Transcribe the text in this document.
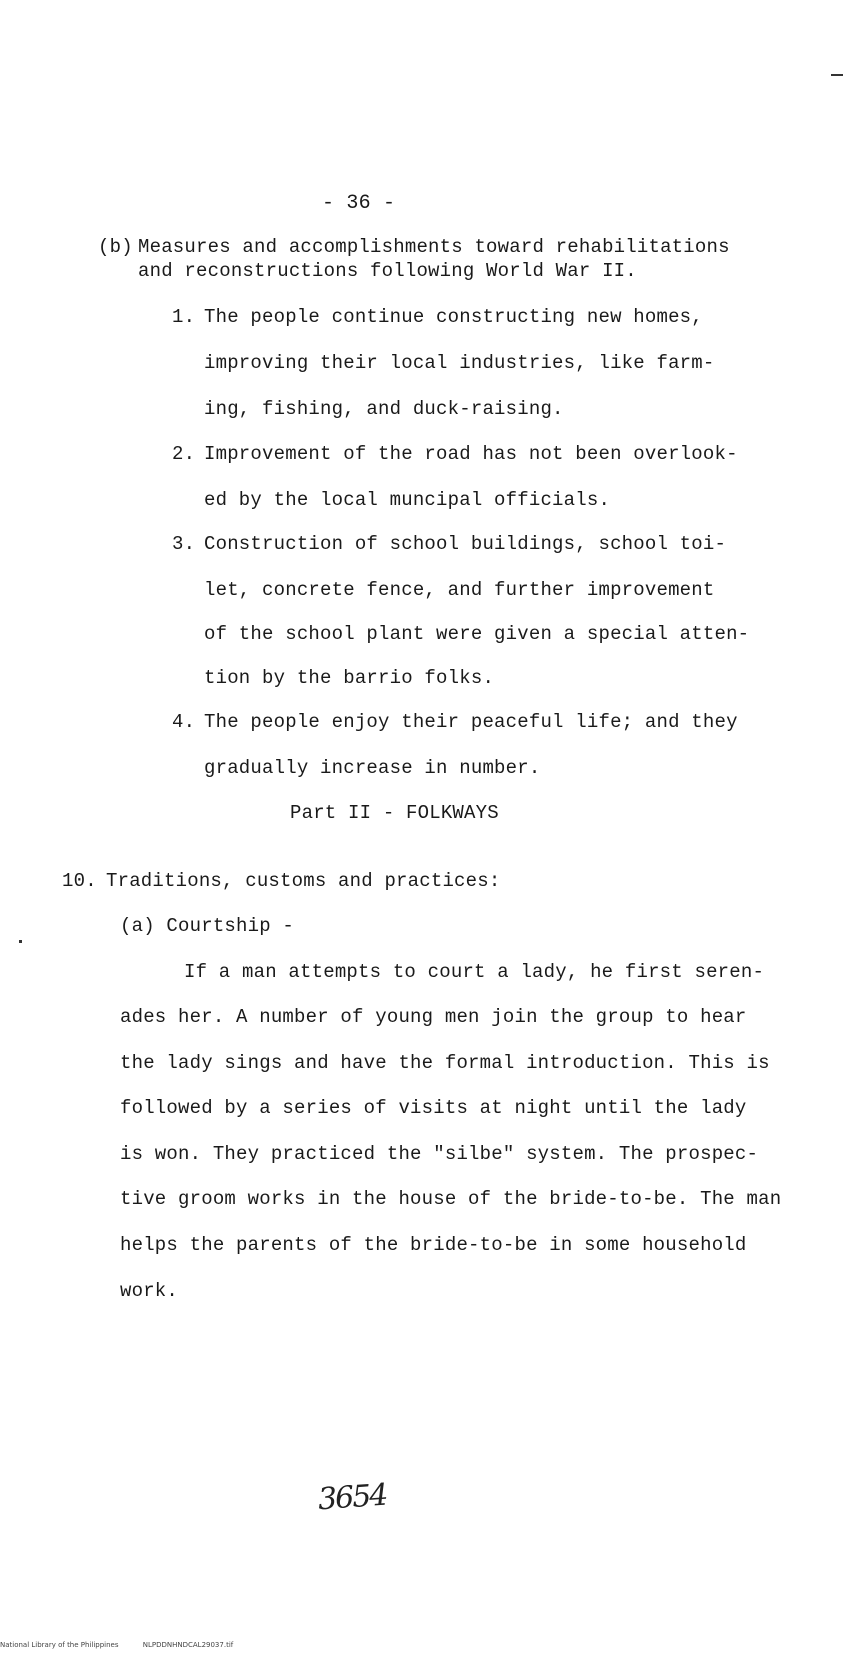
- 36 -
(b) Measures and accomplishments toward rehabilitations
and reconstructions following World War II.
1. The people continue constructing new homes,
improving their local industries, like farm-
ing, fishing, and duck-raising.
2. Improvement of the road has not been overlook-
ed by the local muncipal officials.
3. Construction of school buildings, school toi-
let, concrete fence, and further improvement
of the school plant were given a special atten-
tion by the barrio folks.
4. The people enjoy their peaceful life; and they
gradually increase in number.
Part II - FOLKWAYS
10. Traditions, customs and practices:
(a) Courtship -
If a man attempts to court a lady, he first seren-
ades her. A number of young men join the group to hear
the lady sings and have the formal introduction. This is
followed by a series of visits at night until the lady
is won. They practiced the "silbe" system. The prospec-
tive groom works in the house of the bride-to-be. The man
helps the parents of the bride-to-be in some household
work.
3654
National Library of the Philippines	NLPDDNHNDCAL29037.tif
